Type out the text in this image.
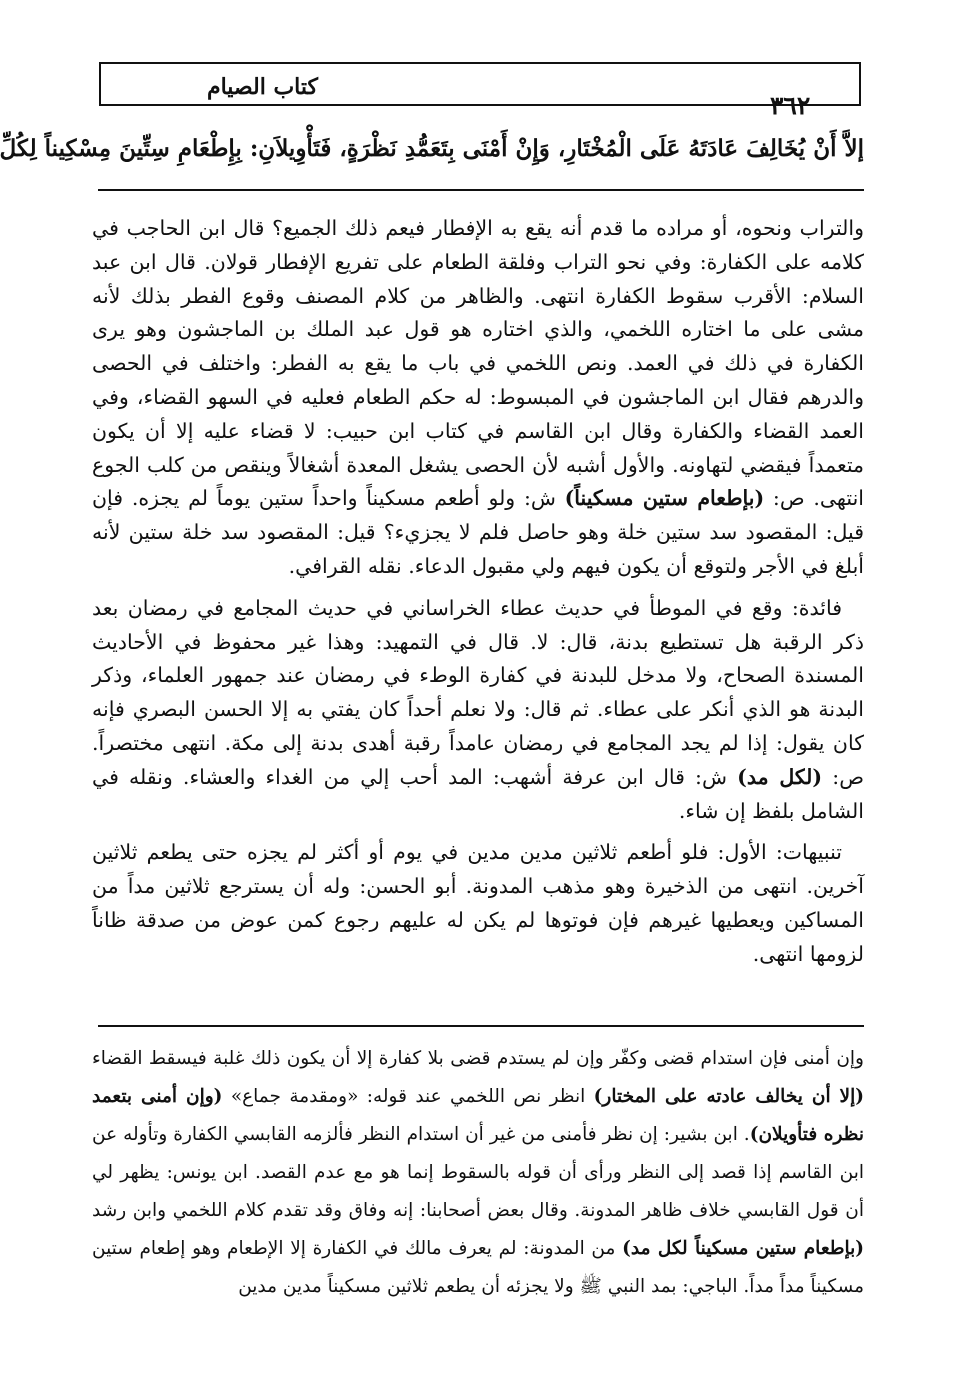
كتاب الصيام
٣٦٢
إلاَّ أَنْ يُخَالِفَ عَادَتَهُ عَلَى الْمُخْتَارِ، وَإِنْ أَمْنَى بِتَعَمُّدِ نَظْرَةٍ، فَتَأْوِيلاَنِ: بِإِطْعَامِ سِتِّينَ مِسْكِيناً لِكُلِّ

والتراب ونحوه، أو مراده ما قدم أنه يقع به الإفطار فيعم ذلك الجميع؟ قال ابن الحاجب في كلامه على الكفارة: وفي نحو التراب وفلقة الطعام على تفريع الإفطار قولان. قال ابن عبد السلام: الأقرب سقوط الكفارة انتهى. والظاهر من كلام المصنف وقوع الفطر بذلك لأنه مشى على ما اختاره اللخمي، والذي اختاره هو قول عبد الملك بن الماجشون وهو يرى الكفارة في ذلك في العمد. ونص اللخمي في باب ما يقع به الفطر: واختلف في الحصى والدرهم فقال ابن الماجشون في المبسوط: له حكم الطعام فعليه في السهو القضاء، وفي العمد القضاء والكفارة وقال ابن القاسم في كتاب ابن حبيب: لا قضاء عليه إلا أن يكون متعمداً فيقضي لتهاونه. والأول أشبه لأن الحصى يشغل المعدة أشغالاً وينقص من كلب الجوع انتهى. ص: (بإطعام ستين مسكيناً) ش: ولو أطعم مسكيناً واحداً ستين يوماً لم يجزه. فإن قيل: المقصود سد ستين خلة وهو حاصل فلم لا يجزيء؟ قيل: المقصود سد خلة ستين لأنه أبلغ في الأجر ولتوقع أن يكون فيهم ولي مقبول الدعاء. نقله القرافي.

فائدة: وقع في الموطأ في حديث عطاء الخراساني في حديث المجامع في رمضان بعد ذكر الرقبة هل تستطيع بدنة، قال: لا. قال في التمهيد: وهذا غير محفوظ في الأحاديث المسندة الصحاح، ولا مدخل للبدنة في كفارة الوطء في رمضان عند جمهور العلماء، وذكر البدنة هو الذي أنكر على عطاء. ثم قال: ولا نعلم أحداً كان يفتي به إلا الحسن البصري فإنه كان يقول: إذا لم يجد المجامع في رمضان عامداً رقبة أهدى بدنة إلى مكة. انتهى مختصراً. ص: (لكل مد) ش: قال ابن عرفة أشهب: المد أحب إلي من الغداء والعشاء. ونقله في الشامل بلفظ إن شاء.

تنبيهات: الأول: فلو أطعم ثلاثين مدين مدين في يوم أو أكثر لم يجزه حتى يطعم ثلاثين آخرين. انتهى من الذخيرة وهو مذهب المدونة. أبو الحسن: وله أن يسترجع ثلاثين مداً من المساكين ويعطيها غيرهم فإن فوتوها لم يكن له عليهم رجوع كمن عوض من صدقة ظاناً لزومها انتهى.

وإن أمنى فإن استدام قضى وكفّر وإن لم يستدم قضى بلا كفارة إلا أن يكون ذلك غلبة فيسقط القضاء (إلا أن يخالف عادته على المختار) انظر نص اللخمي عند قوله: «ومقدمة جماع» (وإن أمنى بتعمد نظره فتأويلان). ابن بشير: إن نظر فأمنى من غير أن استدام النظر فألزمه القابسي الكفارة وتأوله عن ابن القاسم إذا قصد إلى النظر ورأى أن قوله بالسقوط إنما هو مع عدم القصد. ابن يونس: يظهر لي أن قول القابسي خلاف ظاهر المدونة. وقال بعض أصحابنا: إنه وفاق وقد تقدم كلام اللخمي وابن رشد (بإطعام ستين مسكيناً لكل مد) من المدونة: لم يعرف مالك في الكفارة إلا الإطعام وهو إطعام ستين مسكيناً مداً مداً. الباجي: بمد النبي ﷺ ولا يجزئه أن يطعم ثلاثين مسكيناً مدين مدين
